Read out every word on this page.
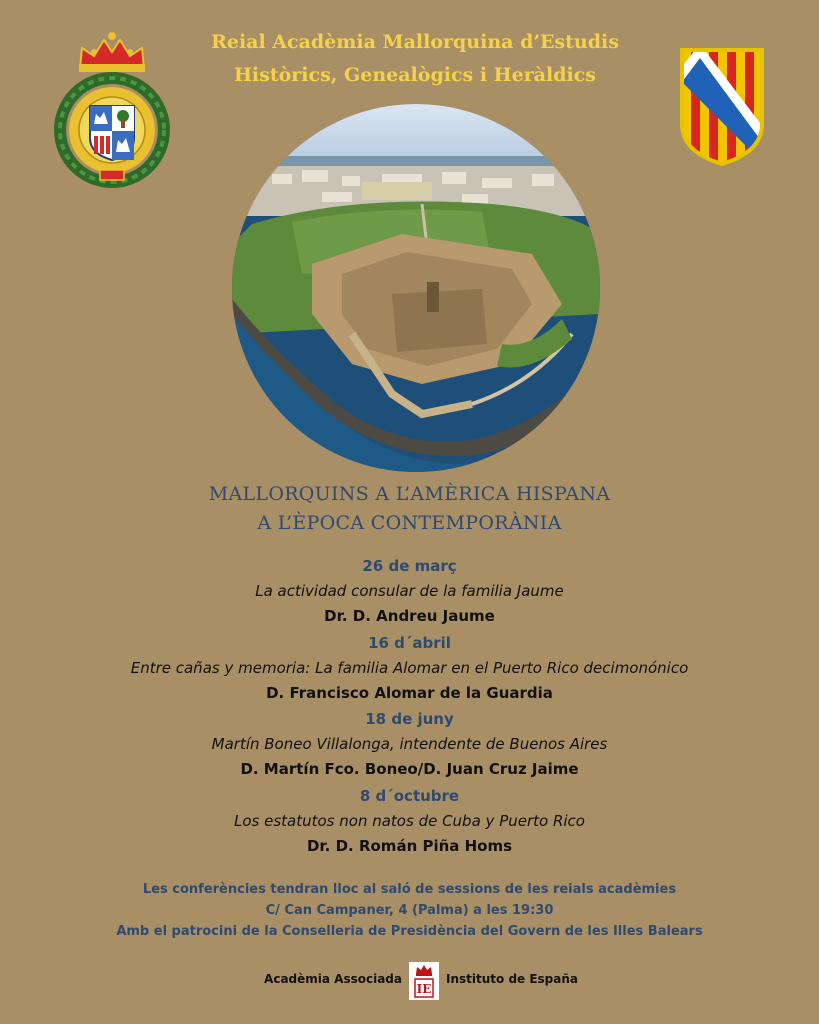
Reial Acadèmia Mallorquina d’Estudis
Històrics, Genealògics i Heràldics
MALLORQUINS A L’AMÈRICA HISPANA
A L’ÈPOCA CONTEMPORÀNIA
26 de març
La actividad consular de la familia Jaume
Dr. D. Andreu Jaume
16 d´abril
Entre cañas y memoria: La familia Alomar en el Puerto Rico decimonónico
D. Francisco Alomar de la Guardia
18 de juny
Martín Boneo Villalonga, intendente de Buenos Aires
D. Martín Fco. Boneo/D. Juan Cruz Jaime
8 d´octubre
Los estatutos non natos de Cuba y Puerto Rico
Dr. D. Román Piña Homs
Les conferències tendran lloc al saló de sessions de les reials acadèmies
C/ Can Campaner, 4 (Palma) a les 19:30
Amb el patrocini de la Conselleria de Presidència del Govern de les Illes Balears
Acadèmia Associada
IE
Instituto de España
